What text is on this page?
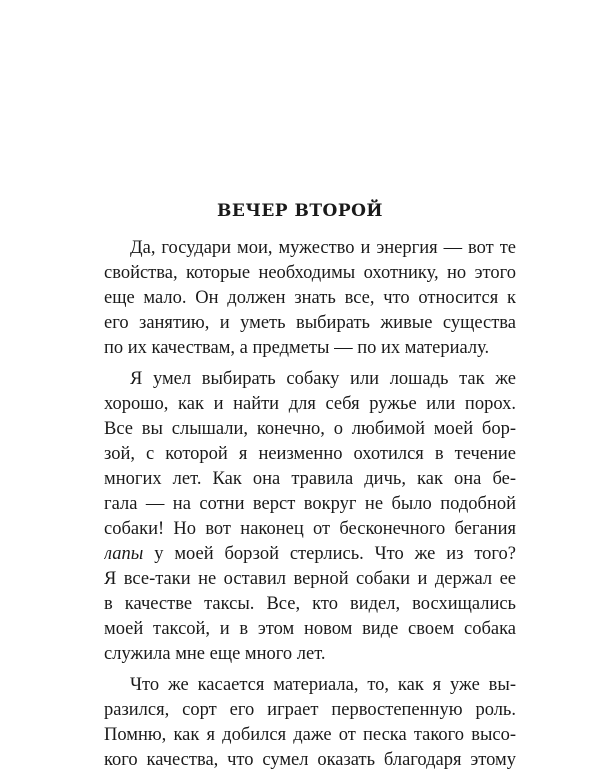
ВЕЧЕР ВТОРОЙ
Да, государи мои, мужество и энергия — вот те
свойства, которые необходимы охотнику, но этого
еще мало. Он должен знать все, что относится к
его занятию, и уметь выбирать живые существа
по их качествам, а предметы — по их материалу.
Я умел выбирать собаку или лошадь так же
хорошо, как и найти для себя ружье или порох.
Все вы слышали, конечно, о любимой моей бор-
зой, с которой я неизменно охотился в течение
многих лет. Как она травила дичь, как она бе-
гала — на сотни верст вокруг не было подобной
собаки! Но вот наконец от бесконечного бегания
лапы у моей борзой стерлись. Что же из того?
Я все-таки не оставил верной собаки и держал ее
в качестве таксы. Все, кто видел, восхищались
моей таксой, и в этом новом виде своем собака
служила мне еще много лет.
Что же касается материала, то, как я уже вы-
разился, сорт его играет первостепенную роль.
Помню, как я добился даже от песка такого высо-
кого качества, что сумел оказать благодаря этому
